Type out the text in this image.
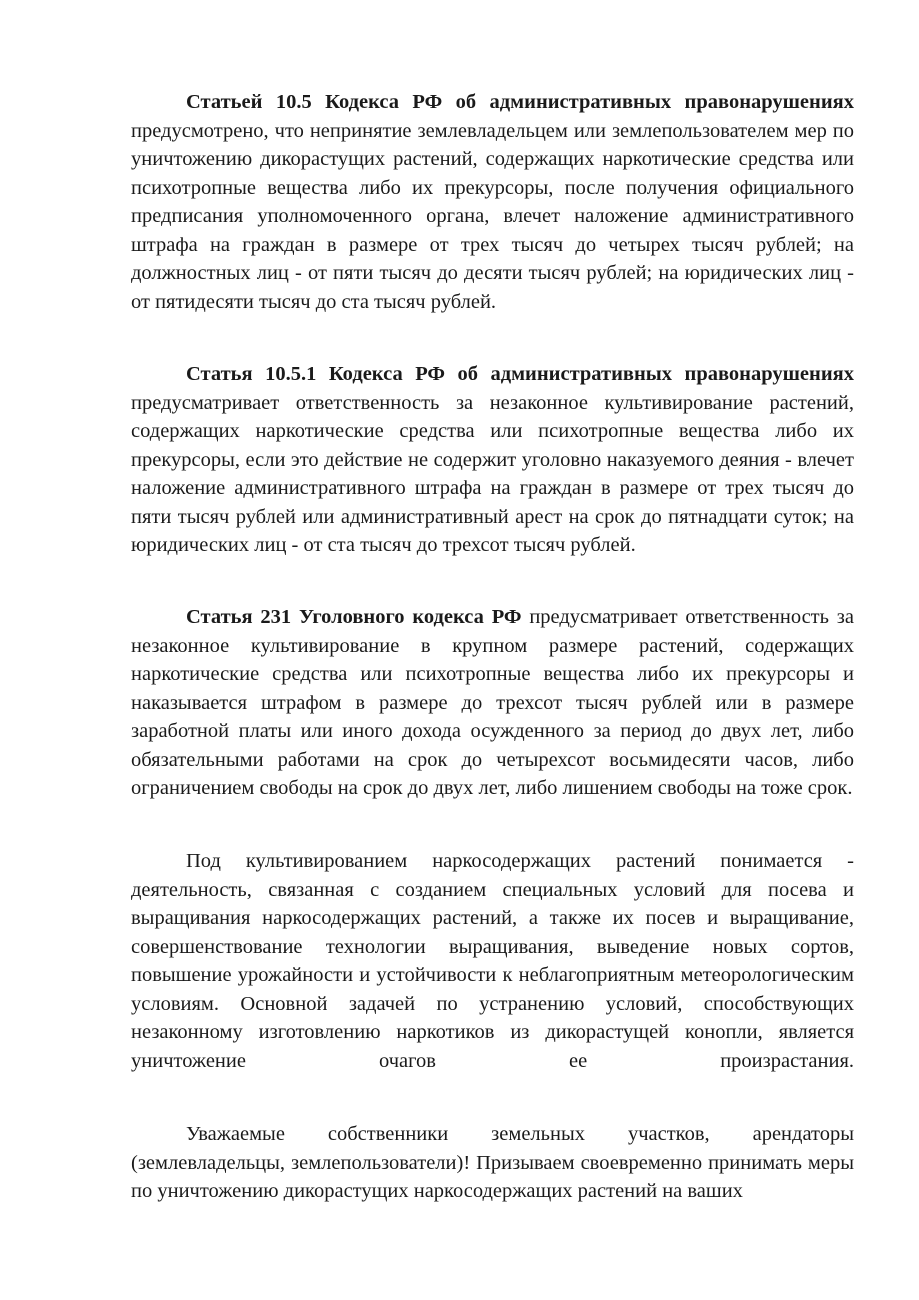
Статьей 10.5 Кодекса РФ об административных правонарушениях предусмотрено, что непринятие землевладельцем или землепользователем мер по уничтожению дикорастущих растений, содержащих наркотические средства или психотропные вещества либо их прекурсоры, после получения официального предписания уполномоченного органа, влечет наложение административного штрафа на граждан в размере от трех тысяч до четырех тысяч рублей; на должностных лиц - от пяти тысяч до десяти тысяч рублей; на юридических лиц - от пятидесяти тысяч до ста тысяч рублей.

Статья 10.5.1 Кодекса РФ об административных правонарушениях предусматривает ответственность за незаконное культивирование растений, содержащих наркотические средства или психотропные вещества либо их прекурсоры, если это действие не содержит уголовно наказуемого деяния - влечет наложение административного штрафа на граждан в размере от трех тысяч до пяти тысяч рублей или административный арест на срок до пятнадцати суток; на юридических лиц - от ста тысяч до трехсот тысяч рублей.

Статья 231 Уголовного кодекса РФ предусматривает ответственность за незаконное культивирование в крупном размере растений, содержащих наркотические средства или психотропные вещества либо их прекурсоры и наказывается штрафом в размере до трехсот тысяч рублей или в размере заработной платы или иного дохода осужденного за период до двух лет, либо обязательными работами на срок до четырехсот восьмидесяти часов, либо ограничением свободы на срок до двух лет, либо лишением свободы на тоже срок.

Под культивированием наркосодержащих растений понимается - деятельность, связанная с созданием специальных условий для посева и выращивания наркосодержащих растений, а также их посев и выращивание, совершенствование технологии выращивания, выведение новых сортов, повышение урожайности и устойчивости к неблагоприятным метеорологическим условиям. Основной задачей по устранению условий, способствующих незаконному изготовлению наркотиков из дикорастущей конопли, является уничтожение очагов ее произрастания.

Уважаемые собственники земельных участков, арендаторы (землевладельцы, землепользователи)! Призываем своевременно принимать меры по уничтожению дикорастущих наркосодержащих растений на ваших
